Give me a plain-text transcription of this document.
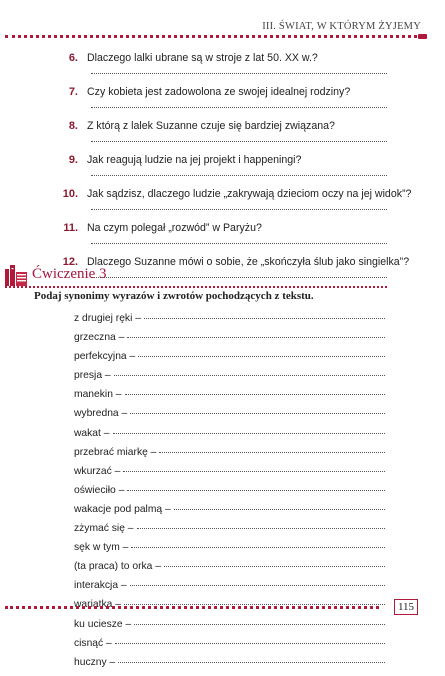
III. ŚWIAT, W KTÓRYM ŻYJEMY
6. Dlaczego lalki ubrane są w stroje z lat 50. XX w.?
7. Czy kobieta jest zadowolona ze swojej idealnej rodziny?
8. Z którą z lalek Suzanne czuje się bardziej związana?
9. Jak reagują ludzie na jej projekt i happeningi?
10. Jak sądzisz, dlaczego ludzie „zakrywają dzieciom oczy na jej widok”?
11. Na czym polegał „rozwód” w Paryżu?
12. Dlaczego Suzanne mówi o sobie, że „skończyła ślub jako singielka”?
Ćwiczenie 3
Podaj synonimy wyrazów i zwrotów pochodzących z tekstu.
z drugiej ręki –
grzeczna –
perfekcyjna –
presja –
manekin –
wybredna –
wakat –
przebrać miarkę –
wkurzać –
oświeciło –
wakacje pod palmą –
zżymać się –
sęk w tym –
(ta praca) to orka –
interakcja –
wariatka –
ku uciesze –
cisnąć –
huczny –
115
